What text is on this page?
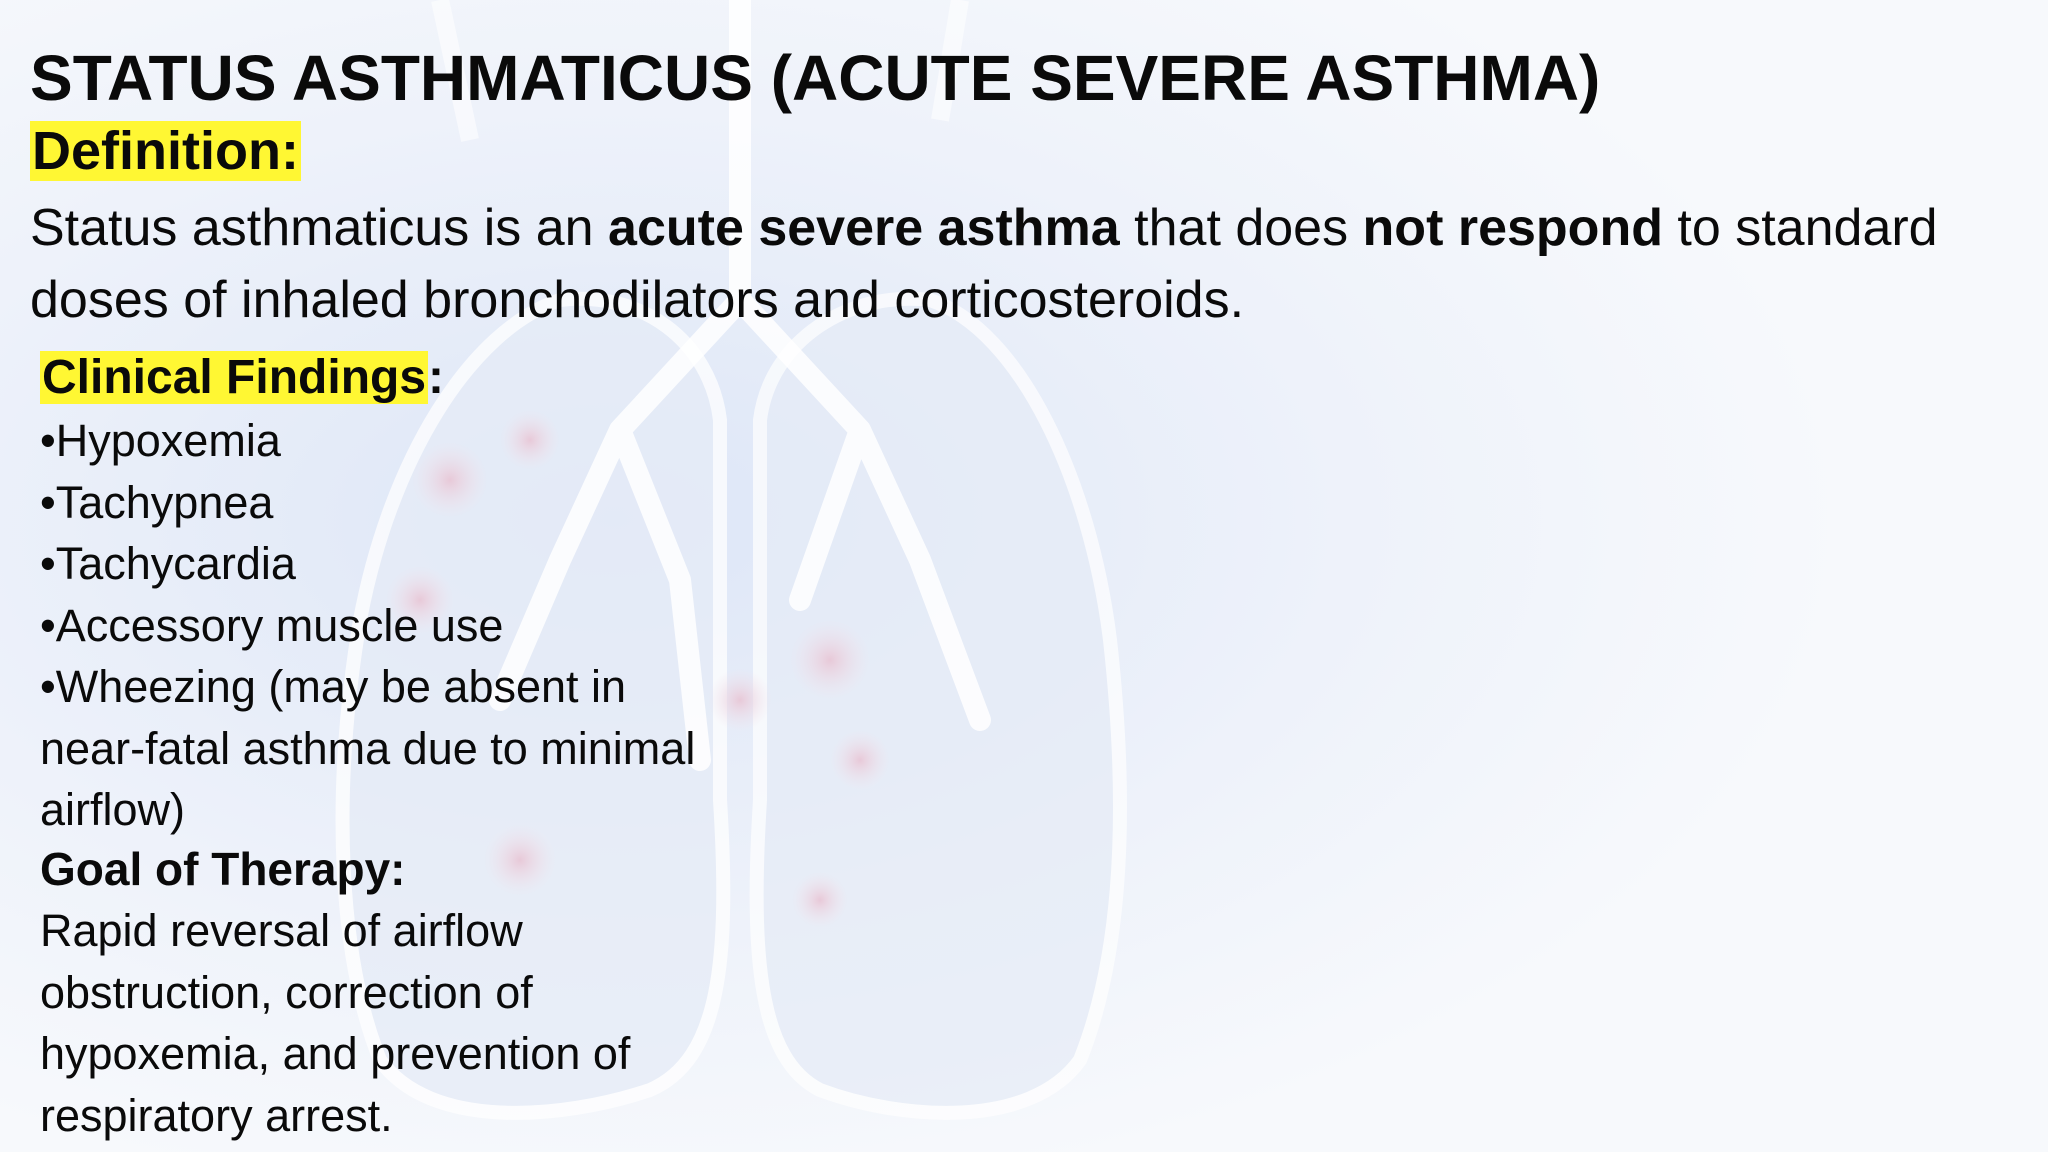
STATUS ASTHMATICUS (ACUTE SEVERE ASTHMA)
Definition:

Status asthmaticus is an acute severe asthma that does not respond to standard doses of inhaled bronchodilators and corticosteroids.

Clinical Findings:
•Hypoxemia
•Tachypnea
•Tachycardia
•Accessory muscle use
•Wheezing (may be absent in near-fatal asthma due to minimal airflow)
Goal of Therapy:

Rapid reversal of airflow obstruction, correction of hypoxemia, and prevention of respiratory arrest.
